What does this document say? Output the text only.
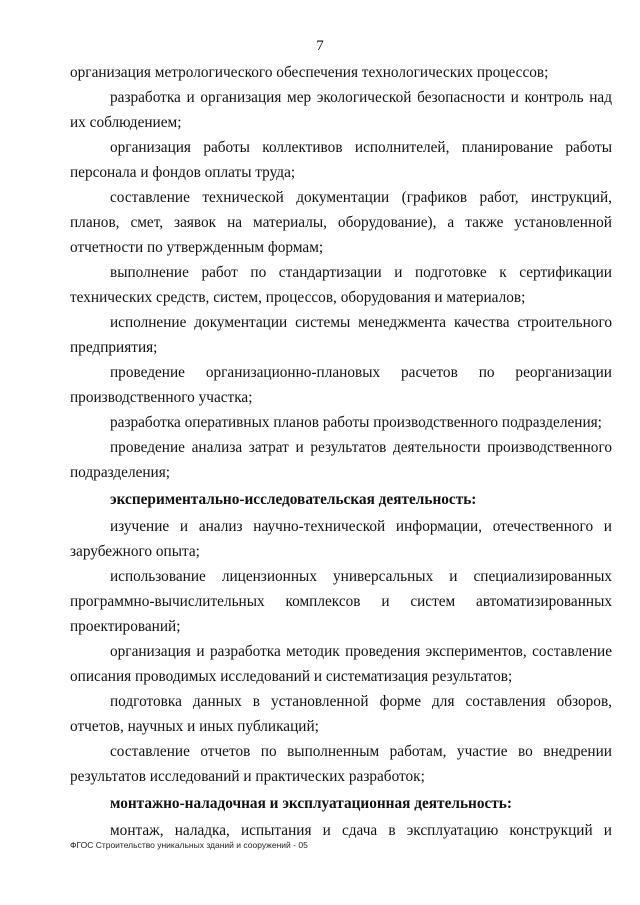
7

организация метрологического обеспечения технологических процессов;

разработка и организация мер экологической безопасности и контроль над их соблюдением;

организация работы коллективов исполнителей, планирование работы персонала и фондов оплаты труда;

составление технической документации (графиков работ, инструкций, планов, смет, заявок на материалы, оборудование), а также установленной отчетности по утвержденным формам;

выполнение работ по стандартизации и подготовке к сертификации технических средств, систем, процессов, оборудования и материалов;

исполнение документации системы менеджмента качества строительного предприятия;

проведение организационно-плановых расчетов по реорганизации производственного участка;

разработка оперативных планов работы производственного подразделения;

проведение анализа затрат и результатов деятельности производственного подразделения;

экспериментально-исследовательская деятельность:

изучение и анализ научно-технической информации, отечественного и зарубежного опыта;

использование лицензионных универсальных и специализированных программно-вычислительных комплексов и систем автоматизированных проектирований;

организация и разработка методик проведения экспериментов, составление описания проводимых исследований и систематизация результатов;

подготовка данных в установленной форме для составления обзоров, отчетов, научных и иных публикаций;

составление отчетов по выполненным работам, участие во внедрении результатов исследований и практических разработок;

монтажно-наладочная и эксплуатационная деятельность:

монтаж, наладка, испытания и сдача в эксплуатацию конструкций и

ФГОС Строительство уникальных зданий и сооружений - 05
